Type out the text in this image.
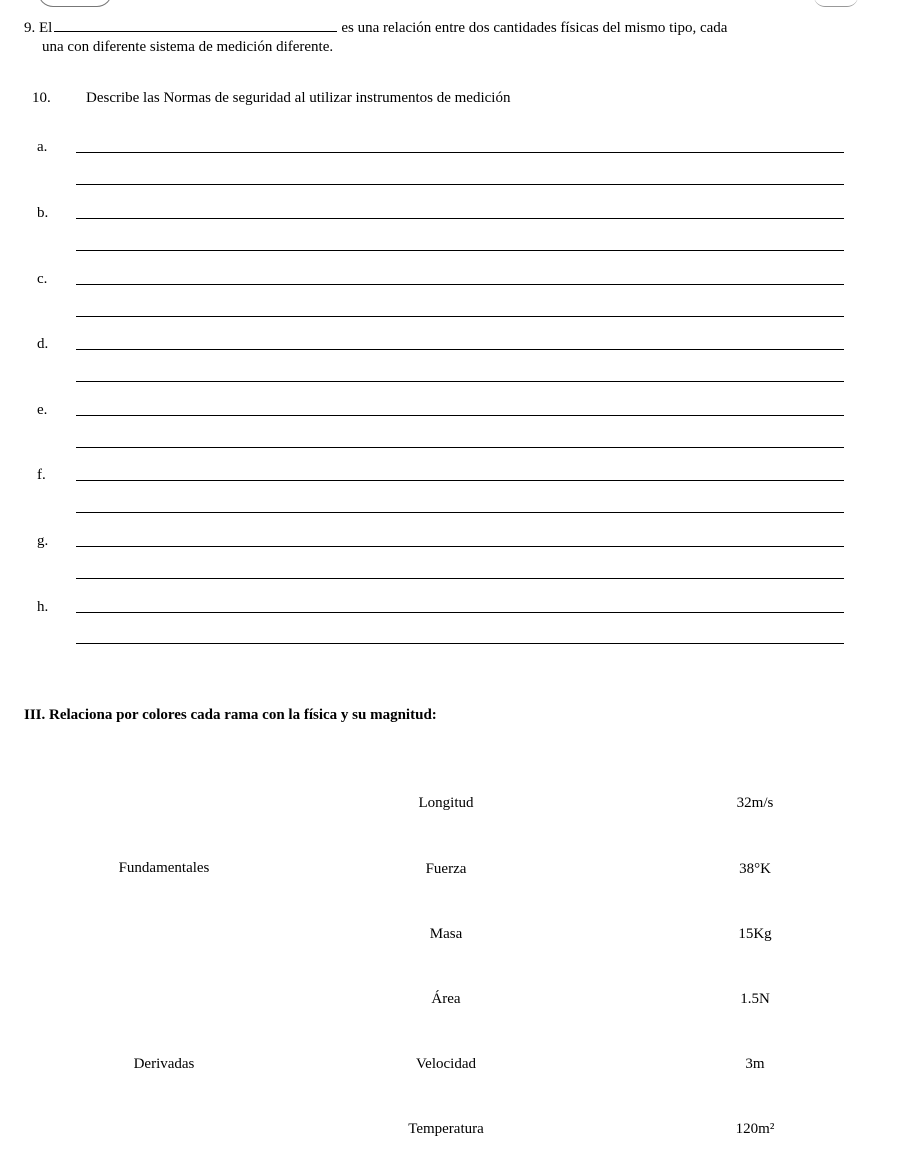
9. El	es una relación entre dos cantidades físicas del mismo tipo, cada
una con diferente sistema de medición diferente.
10. Describe las Normas de seguridad al utilizar instrumentos de medición
a.
b.
c.
d.
e.
f.
g.
h.
III. Relaciona por colores cada rama con la física y su magnitud:
Fundamentales
Derivadas
Longitud
Fuerza
Masa
Área
Velocidad
Temperatura
32m/s
38°K
15Kg
1.5N
3m
120m²
